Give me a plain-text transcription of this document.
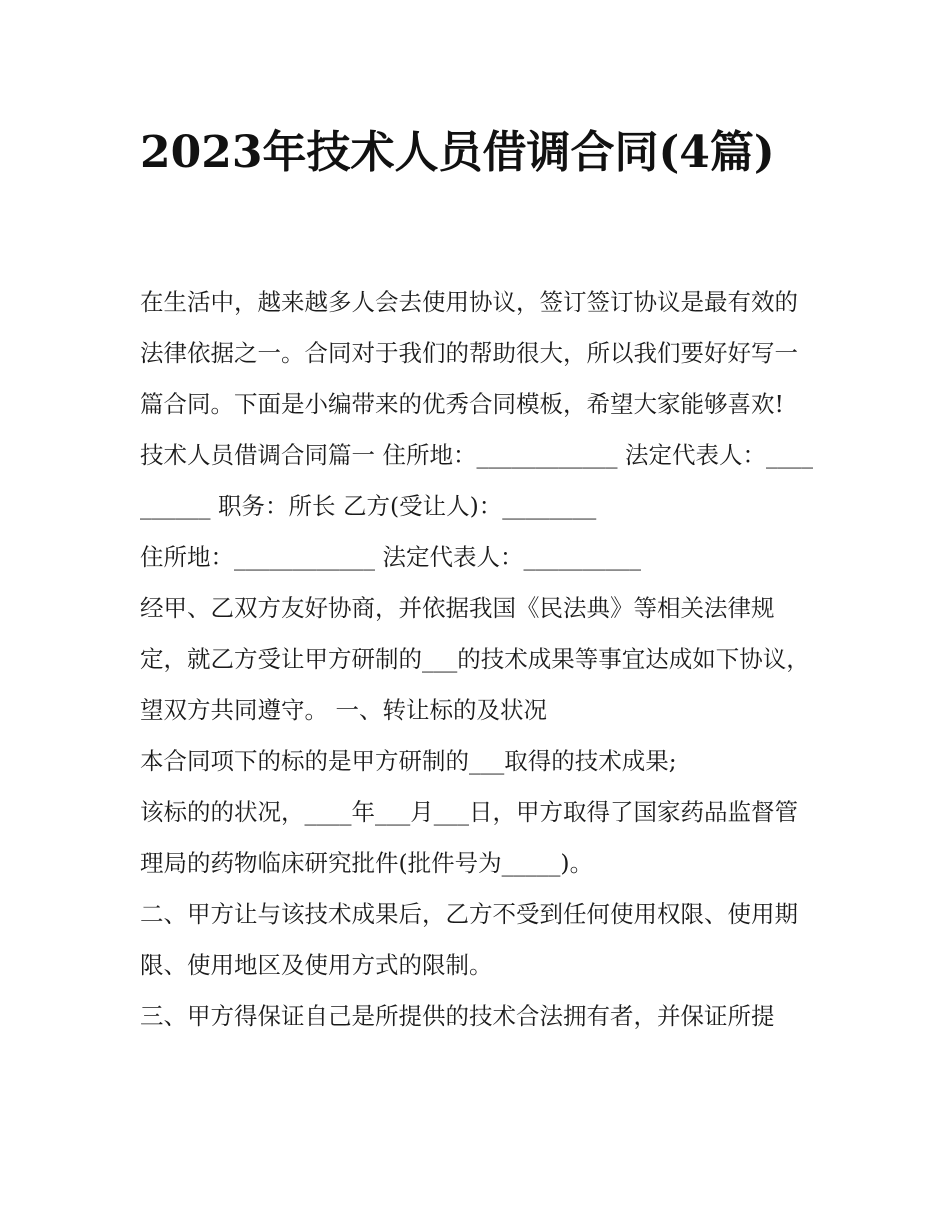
2023年技术人员借调合同(4篇)

在生活中，越来越多人会去使用协议，签订签订协议是最有效的法律依据之一。合同对于我们的帮助很大，所以我们要好好写一篇合同。下面是小编带来的优秀合同模板，希望大家能够喜欢!

技术人员借调合同篇一 住所地：____________ 法定代表人：__________ 职务：所长 乙方(受让人)：________

住所地：____________ 法定代表人：__________

经甲、乙双方友好协商，并依据我国《民法典》等相关法律规定，就乙方受让甲方研制的___的技术成果等事宜达成如下协议，望双方共同遵守。 一、转让标的及状况

本合同项下的标的是甲方研制的___取得的技术成果;

该标的的状况，____年___月___日，甲方取得了国家药品监督管理局的药物临床研究批件(批件号为_____)。

二、甲方让与该技术成果后，乙方不受到任何使用权限、使用期限、使用地区及使用方式的限制。

三、甲方得保证自己是所提供的技术合法拥有者，并保证所提
